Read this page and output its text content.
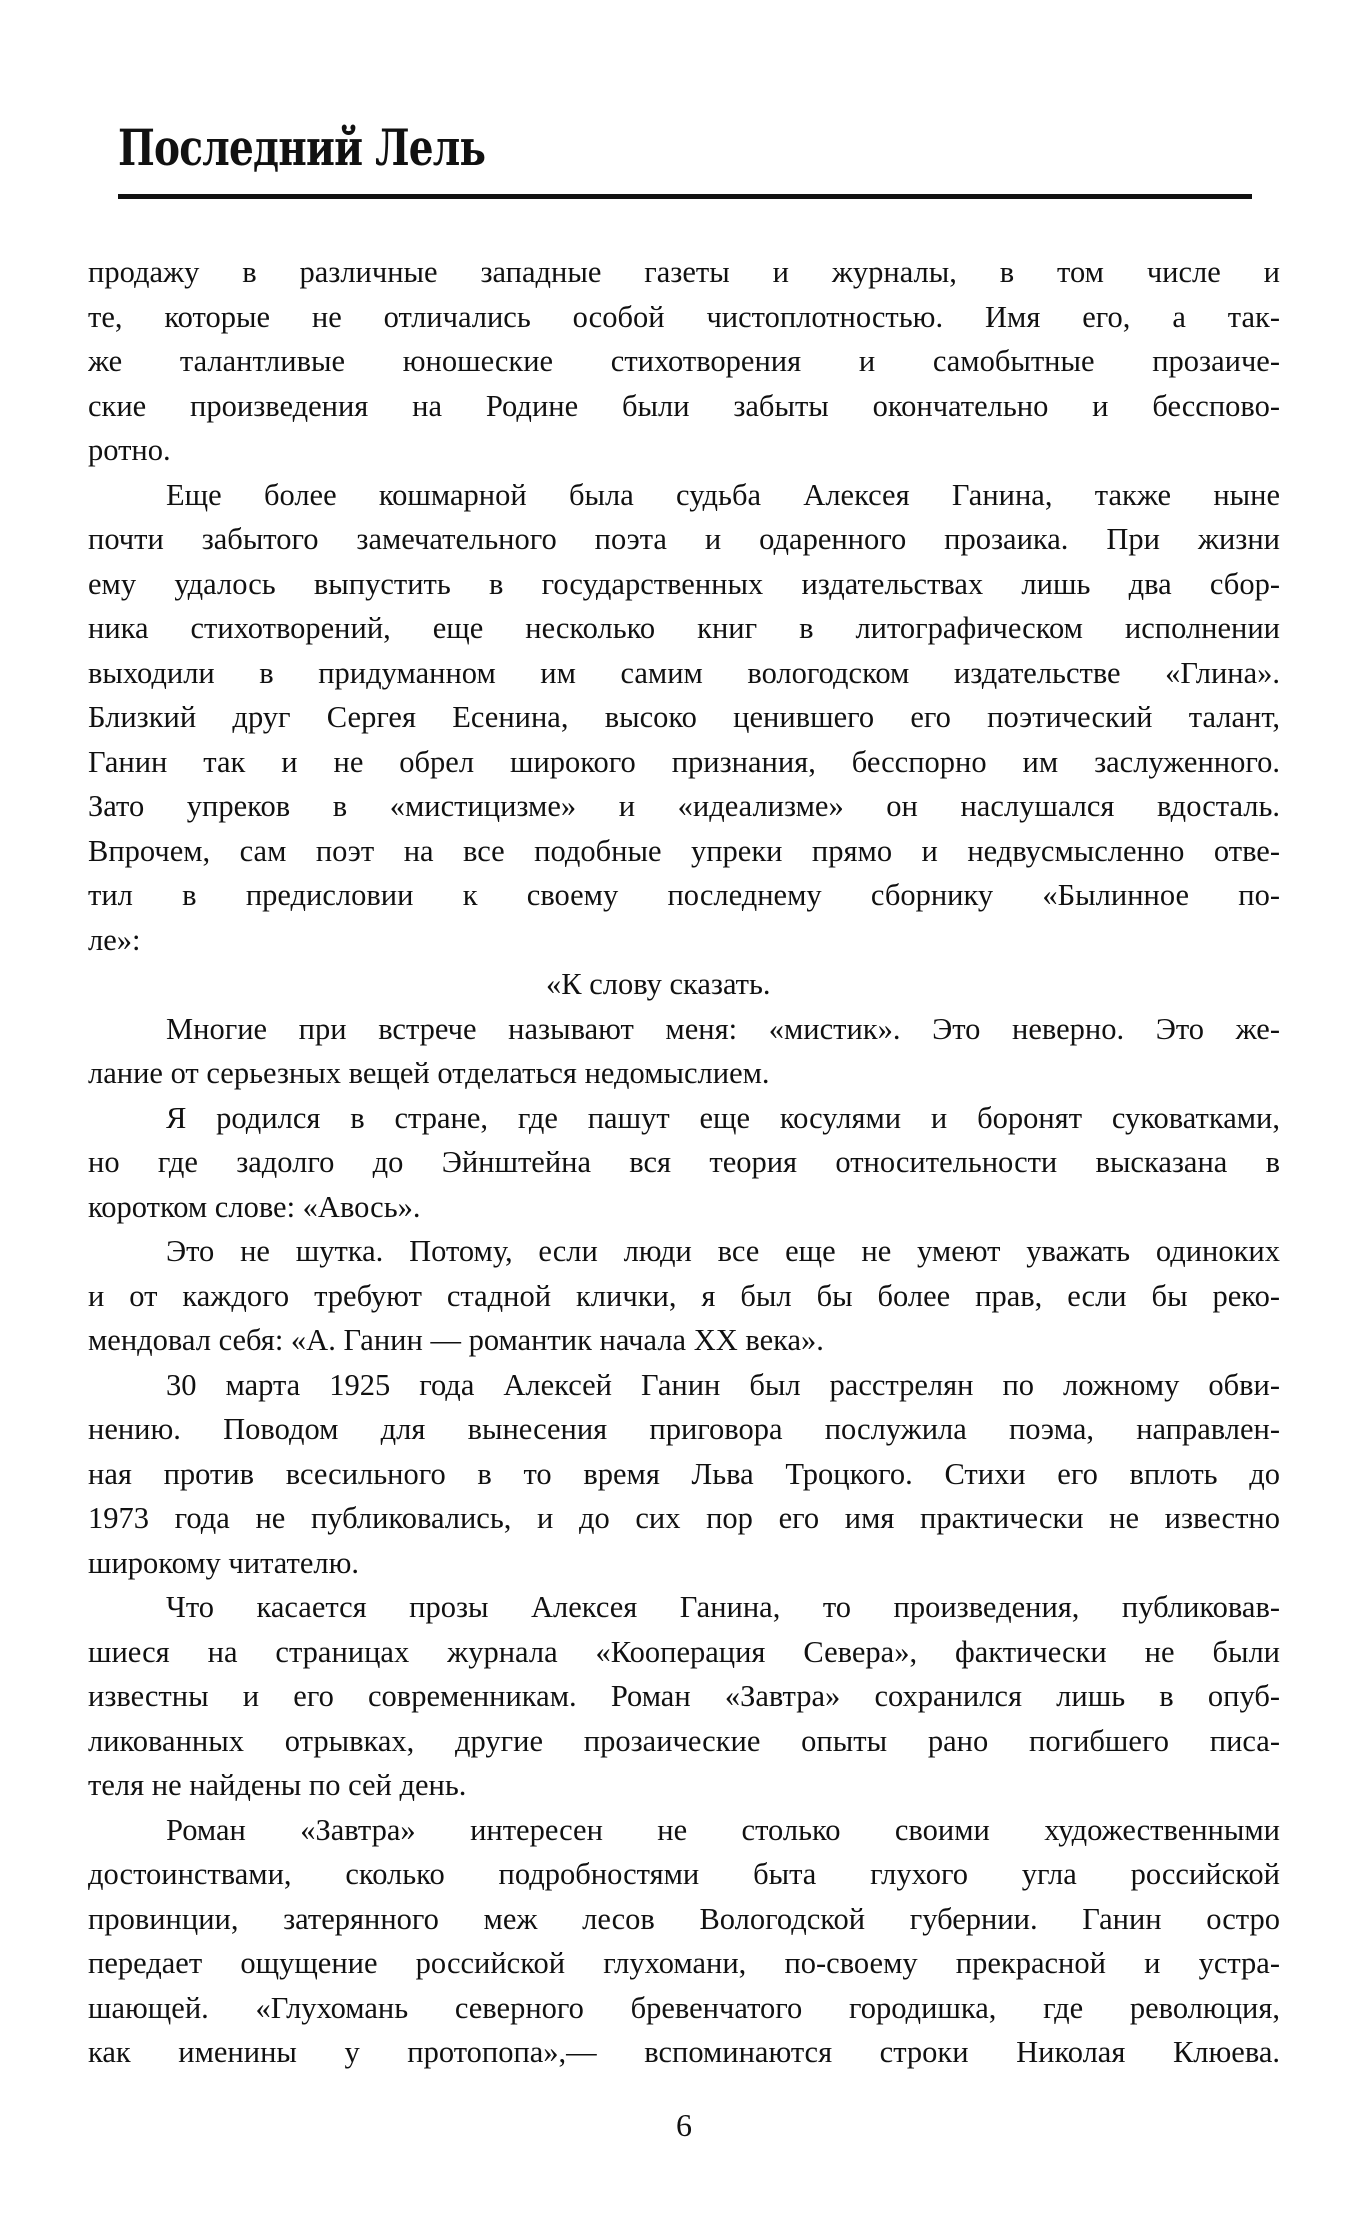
Последний Лель
продажу в различные западные газеты и журналы, в том числе и
те, которые не отличались особой чистоплотностью. Имя его, а так-
же талантливые юношеские стихотворения и самобытные прозаиче-
ские произведения на Родине были забыты окончательно и бесспово-
ротно.
Еще более кошмарной была судьба Алексея Ганина, также ныне
почти забытого замечательного поэта и одаренного прозаика. При жизни
ему удалось выпустить в государственных издательствах лишь два сбор-
ника стихотворений, еще несколько книг в литографическом исполнении
выходили в придуманном им самим вологодском издательстве «Глина».
Близкий друг Сергея Есенина, высоко ценившего его поэтический талант,
Ганин так и не обрел широкого признания, бесспорно им заслуженного.
Зато упреков в «мистицизме» и «идеализме» он наслушался вдосталь.
Впрочем, сам поэт на все подобные упреки прямо и недвусмысленно отве-
тил в предисловии к своему последнему сборнику «Былинное по-
ле»:
«К слову сказать.
Многие при встрече называют меня: «мистик». Это неверно. Это же-
лание от серьезных вещей отделаться недомыслием.
Я родился в стране, где пашут еще косулями и боронят суковатками,
но где задолго до Эйнштейна вся теория относительности высказана в
коротком слове: «Авось».
Это не шутка. Потому, если люди все еще не умеют уважать одиноких
и от каждого требуют стадной клички, я был бы более прав, если бы реко-
мендовал себя: «А. Ганин — романтик начала XX века».
30 марта 1925 года Алексей Ганин был расстрелян по ложному обви-
нению. Поводом для вынесения приговора послужила поэма, направлен-
ная против всесильного в то время Льва Троцкого. Стихи его вплоть до
1973 года не публиковались, и до сих пор его имя практически не известно
широкому читателю.
Что касается прозы Алексея Ганина, то произведения, публиковав-
шиеся на страницах журнала «Кооперация Севера», фактически не были
известны и его современникам. Роман «Завтра» сохранился лишь в опуб-
ликованных отрывках, другие прозаические опыты рано погибшего писа-
теля не найдены по сей день.
Роман «Завтра» интересен не столько своими художественными
достоинствами, сколько подробностями быта глухого угла российской
провинции, затерянного меж лесов Вологодской губернии. Ганин остро
передает ощущение российской глухомани, по-своему прекрасной и устра-
шающей. «Глухомань северного бревенчатого городишка, где революция,
как именины у протопопа»,— вспоминаются строки Николая Клюева.
6
